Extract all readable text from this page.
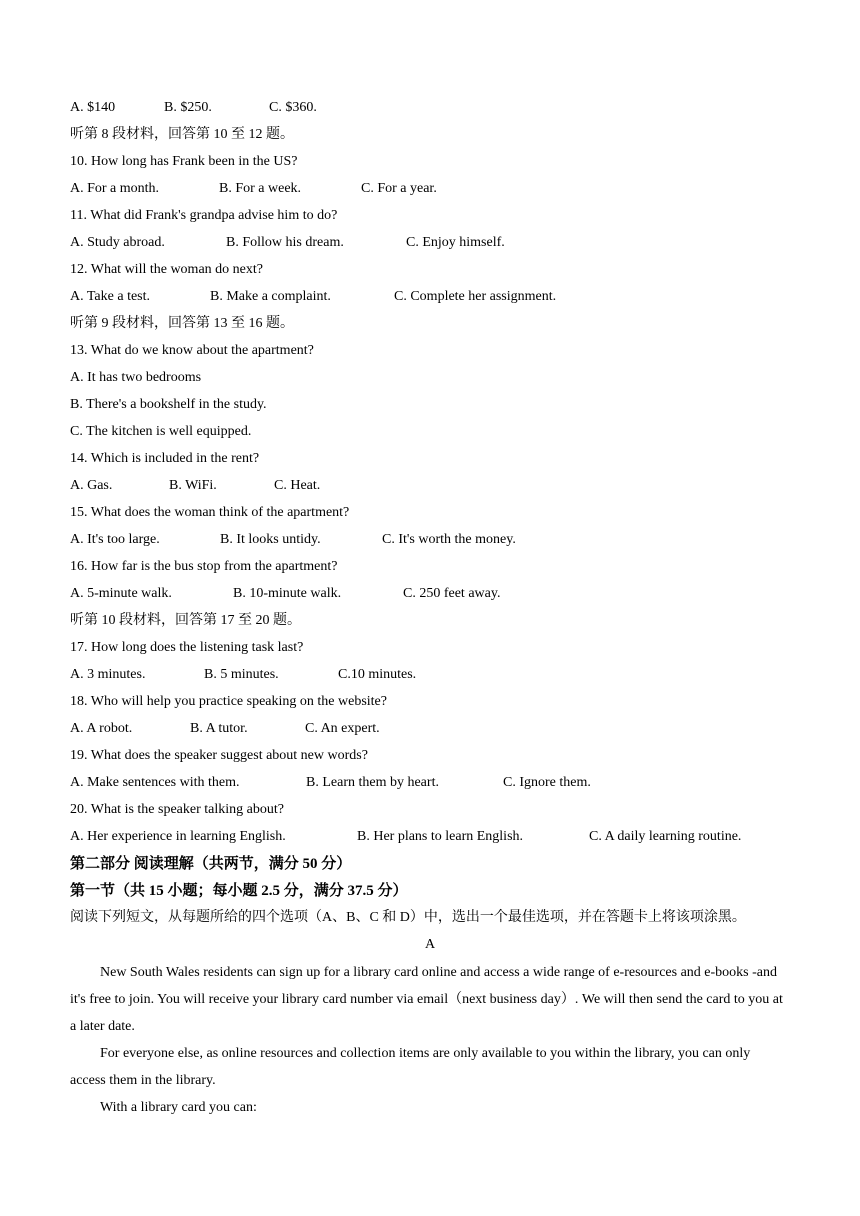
A. $140	B. $250.	C. $360.
听第 8 段材料，回答第 10 至 12 题。
10. How long has Frank been in the US?
A. For a month.	B. For a week.	C. For a year.
11. What did Frank's grandpa advise him to do?
A. Study abroad.	B. Follow his dream.	C. Enjoy himself.
12. What will the woman do next?
A. Take a test.	B. Make a complaint.	C. Complete her assignment.
听第 9 段材料，回答第 13 至 16 题。
13. What do we know about the apartment?
A. It has two bedrooms
B. There's a bookshelf in the study.
C. The kitchen is well equipped.
14. Which is included in the rent?
A. Gas.	B. WiFi.	C. Heat.
15. What does the woman think of the apartment?
A. It's too large.	B. It looks untidy.	C. It's worth the money.
16. How far is the bus stop from the apartment?
A. 5-minute walk.	B. 10-minute walk.	C. 250 feet away.
听第 10 段材料，回答第 17 至 20 题。
17. How long does the listening task last?
A. 3 minutes.	B. 5 minutes.	C.10 minutes.
18. Who will help you practice speaking on the website?
A. A robot.	B. A tutor.	C. An expert.
19. What does the speaker suggest about new words?
A. Make sentences with them.	B. Learn them by heart.	C. Ignore them.
20. What is the speaker talking about?
A. Her experience in learning English.	B. Her plans to learn English.	C. A daily learning routine.
第二部分 阅读理解（共两节，满分 50 分）
第一节（共 15 小题；每小题 2.5 分，满分 37.5 分）
阅读下列短文，从每题所给的四个选项（A、B、C 和 D）中，选出一个最佳选项，并在答题卡上将该项涂黑。
A
New South Wales residents can sign up for a library card online and access a wide range of e-resources and e-books -and it's free to join. You will receive your library card number via email（next business day）. We will then send the card to you at a later date.
For everyone else, as online resources and collection items are only available to you within the library, you can only access them in the library.
With a library card you can:
